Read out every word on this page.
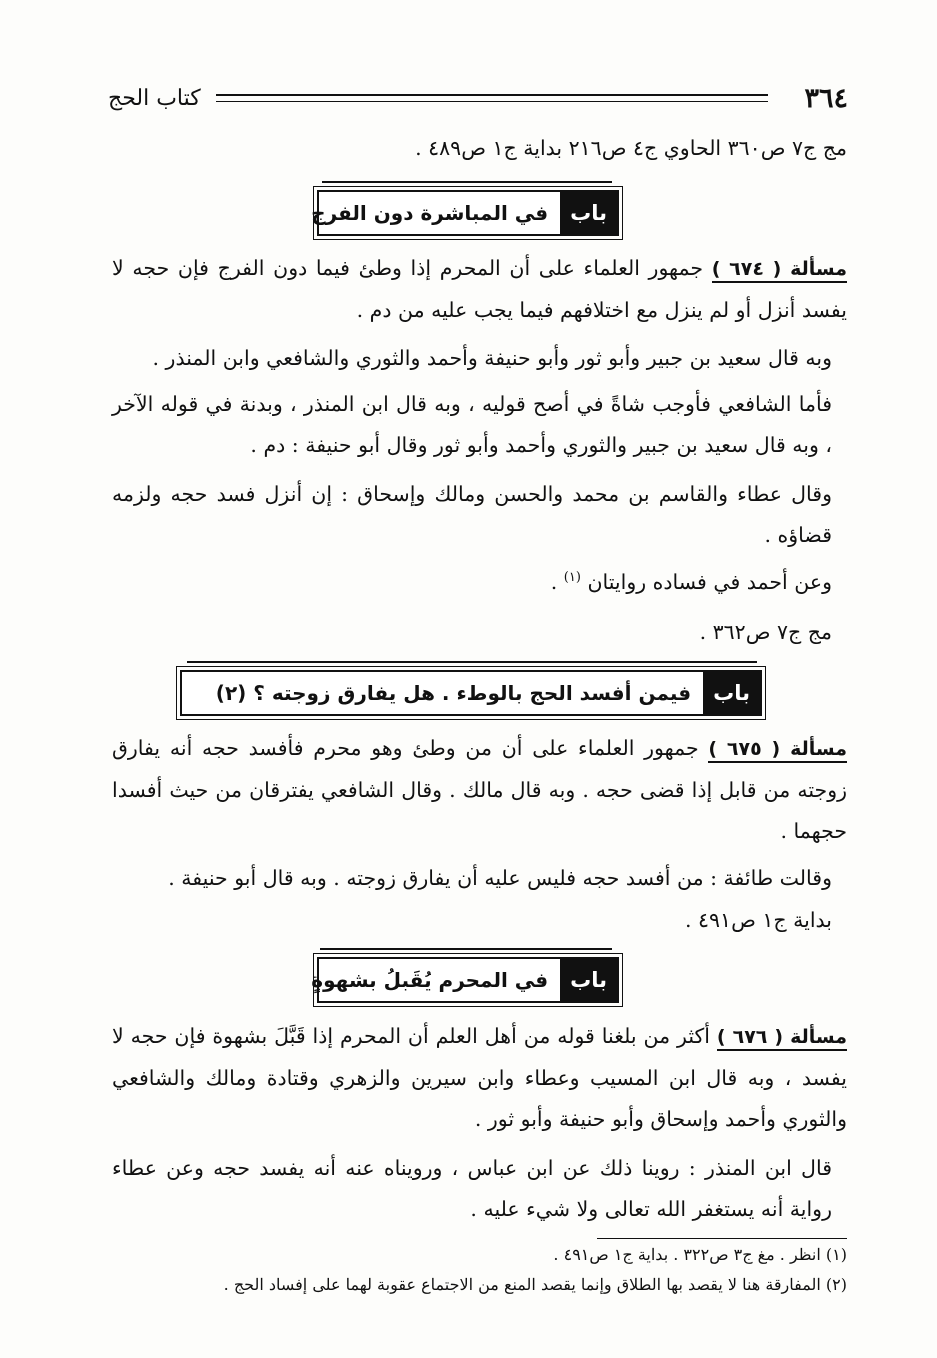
٣٦٤
كتاب الحج

مج ج٧ ص٣٦٠ الحاوي ج٤ ص٢١٦ بداية ج١ ص٤٨٩ .

باب
في المباشرة دون الفرج

مسألة ( ٦٧٤ ) جمهور العلماء على أن المحرم إذا وطئ فيما دون الفرج فإن حجه لا يفسد أنزل أو لم ينزل مع اختلافهم فيما يجب عليه من دم .

وبه قال سعيد بن جبير وأبو ثور وأبو حنيفة وأحمد والثوري والشافعي وابن المنذر .

فأما الشافعي فأوجب شاةً في أصح قوليه ، وبه قال ابن المنذر ، وبدنة في قوله الآخر ، وبه قال سعيد بن جبير والثوري وأحمد وأبو ثور وقال أبو حنيفة : دم .

وقال عطاء والقاسم بن محمد والحسن ومالك وإسحاق : إن أنزل فسد حجه ولزمه قضاؤه .

وعن أحمد في فساده روايتان $^{(١)}$ .

مج ج٧ ص٣٦٢ .

باب
فيمن أفسد الحج بالوطء . هل يفارق زوجته ؟ (٢)

مسألة ( ٦٧٥ ) جمهور العلماء على أن من وطئ وهو محرم فأفسد حجه أنه يفارق زوجته من قابل إذا قضى حجه . وبه قال مالك . وقال الشافعي يفترقان من حيث أفسدا حجهما .

وقالت طائفة : من أفسد حجه فليس عليه أن يفارق زوجته . وبه قال أبو حنيفة .

بداية ج١ ص٤٩١ .

باب
في المحرم يُقَبلُ بشهوةٍ

مسألة ( ٦٧٦ ) أكثر من بلغنا قوله من أهل العلم أن المحرم إذا قَبَّلَ بشهوة فإن حجه لا يفسد ، وبه قال ابن المسيب وعطاء وابن سيرين والزهري وقتادة ومالك والشافعي والثوري وأحمد وإسحاق وأبو حنيفة وأبو ثور .

قال ابن المنذر : روينا ذلك عن ابن عباس ، ورويناه عنه أنه يفسد حجه وعن عطاء رواية أنه يستغفر الله تعالى ولا شيء عليه .

(١) انظر . مغ ج٣ ص٣٢٢ . بداية ج١ ص٤٩١ .
(٢) المفارقة هنا لا يقصد بها الطلاق وإنما يقصد المنع من الاجتماع عقوبة لهما على إفساد الحج .
